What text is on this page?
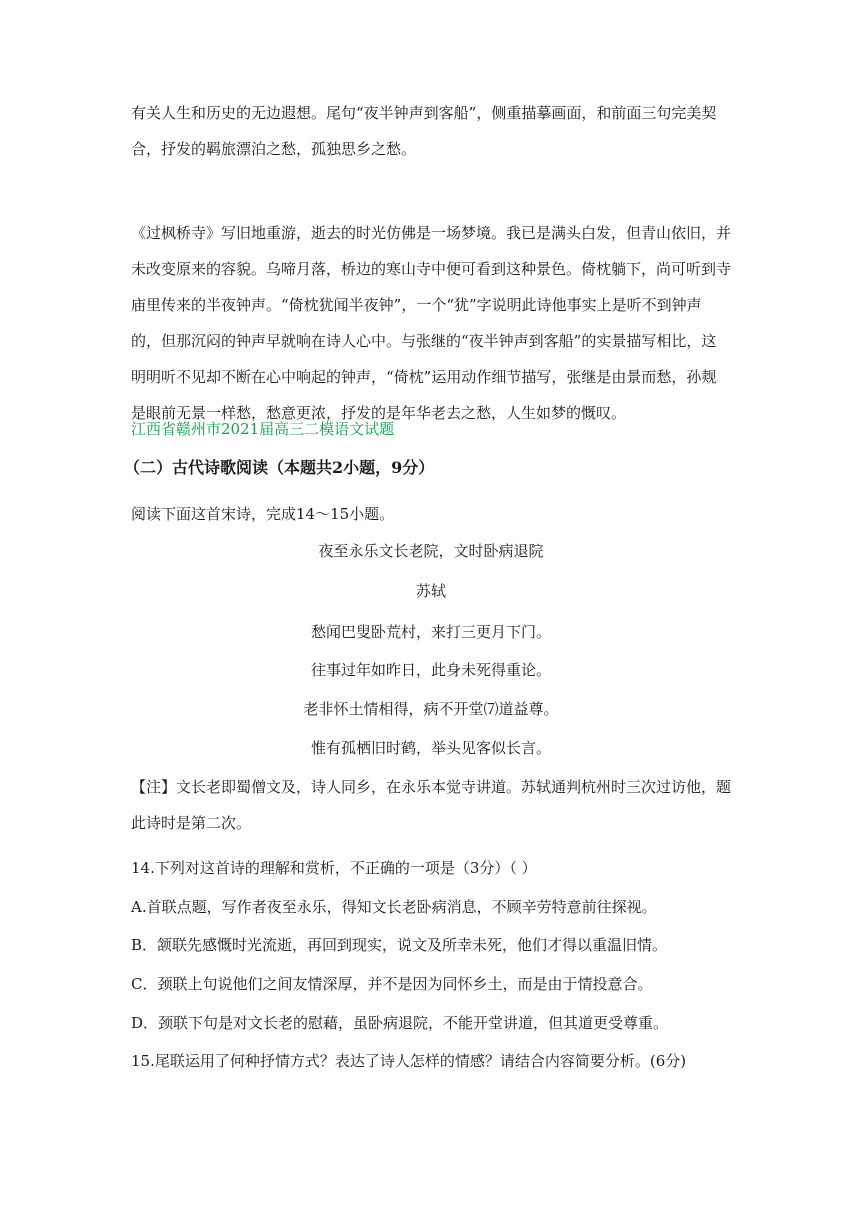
有关人生和历史的无边遐想。尾句“夜半钟声到客船”，侧重描摹画面，和前面三句完美契合，抒发的羁旅漂泊之愁，孤独思乡之愁。

《过枫桥寺》写旧地重游，逝去的时光仿佛是一场梦境。我已是满头白发，但青山依旧，并未改变原来的容貌。乌啼月落，桥边的寒山寺中便可看到这种景色。倚枕躺下，尚可听到寺庙里传来的半夜钟声。“倚枕犹闻半夜钟”，一个“犹”字说明此诗他事实上是听不到钟声的，但那沉闷的钟声早就响在诗人心中。与张继的“夜半钟声到客船”的实景描写相比，这明明听不见却不断在心中响起的钟声，“倚枕”运用动作细节描写，张继是由景而愁，孙觌是眼前无景一样愁，愁意更浓，抒发的是年华老去之愁，人生如梦的慨叹。

江西省赣州市2021届高三二模语文试题
（二）古代诗歌阅读（本题共2小题，9分）
阅读下面这首宋诗，完成14～15小题。
夜至永乐文长老院，文时卧病退院
苏轼
愁闻巴叟卧荒村，来打三更月下门。
往事过年如昨日，此身未死得重论。
老非怀土情相得，病不开堂⑺道益尊。
惟有孤栖旧时鹤，举头见客似长言。

【注】文长老即蜀僧文及，诗人同乡，在永乐本觉寺讲道。苏轼通判杭州时三次过访他，题此诗时是第二次。

14.下列对这首诗的理解和赏析，不正确的一项是（3分）（ ）
A.首联点题，写作者夜至永乐，得知文长老卧病消息，不顾辛劳特意前往探视。
B．颔联先感慨时光流逝，再回到现实，说文及所幸未死，他们才得以重温旧情。
C．颈联上句说他们之间友情深厚，并不是因为同怀乡土，而是由于情投意合。
D．颈联下句是对文长老的慰藉，虽卧病退院，不能开堂讲道，但其道更受尊重。
15.尾联运用了何种抒情方式？表达了诗人怎样的情感？请结合内容简要分析。(6分)
